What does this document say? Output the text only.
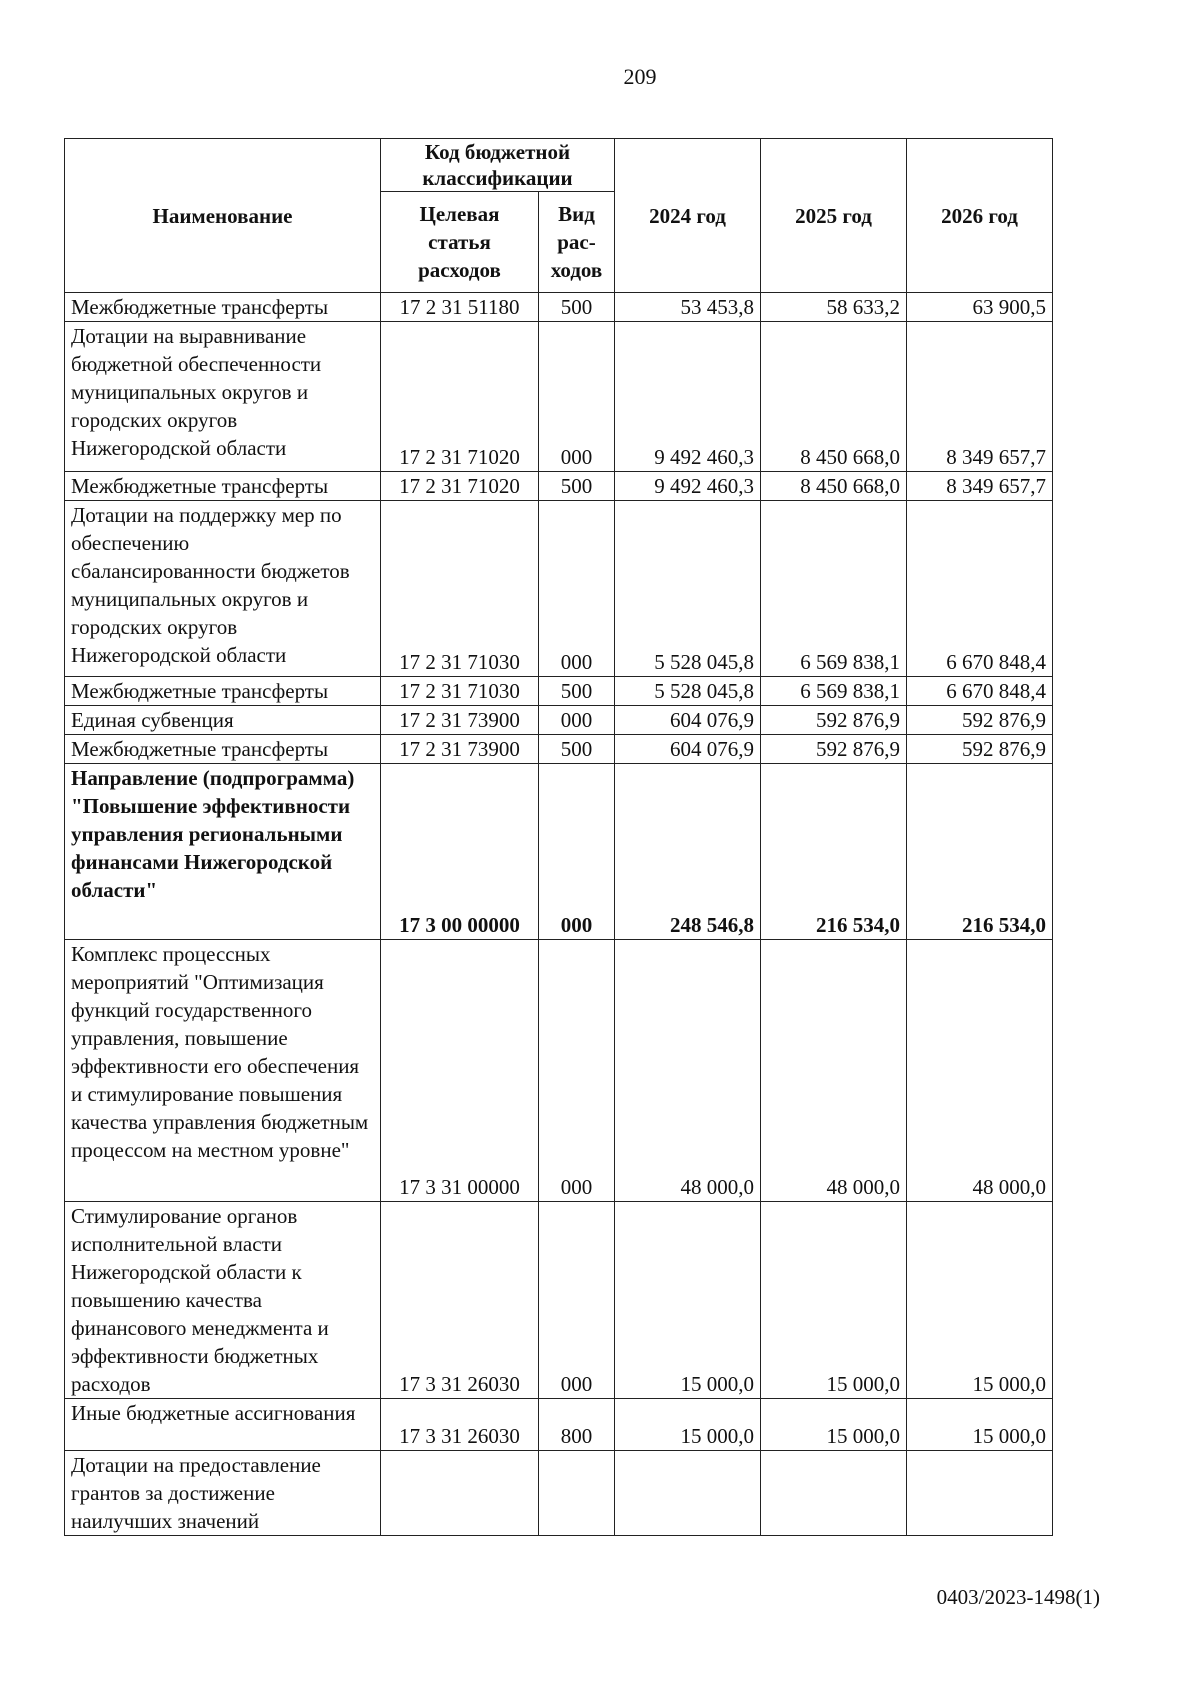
209
Наименование	Код бюджетной классификации		2024 год	2025 год	2026 год
	Целевая статья расходов	Вид рас-ходов			
Межбюджетные трансферты	17 2 31 51180	500	53 453,8	58 633,2	63 900,5
Дотации на выравнивание бюджетной обеспеченности муниципальных округов и городских округов Нижегородской области	17 2 31 71020	000	9 492 460,3	8 450 668,0	8 349 657,7
Межбюджетные трансферты	17 2 31 71020	500	9 492 460,3	8 450 668,0	8 349 657,7
Дотации на поддержку мер по обеспечению сбалансированности бюджетов муниципальных округов и городских округов Нижегородской области	17 2 31 71030	000	5 528 045,8	6 569 838,1	6 670 848,4
Межбюджетные трансферты	17 2 31 71030	500	5 528 045,8	6 569 838,1	6 670 848,4
Единая субвенция	17 2 31 73900	000	604 076,9	592 876,9	592 876,9
Межбюджетные трансферты	17 2 31 73900	500	604 076,9	592 876,9	592 876,9
Направление (подпрограмма) "Повышение эффективности управления региональными финансами Нижегородской области"	17 3 00 00000	000	248 546,8	216 534,0	216 534,0
Комплекс процессных мероприятий "Оптимизация функций государственного управления, повышение эффективности его обеспечения и стимулирование повышения качества управления бюджетным процессом на местном уровне"	17 3 31 00000	000	48 000,0	48 000,0	48 000,0
Стимулирование органов исполнительной власти Нижегородской области к повышению качества финансового менеджмента и эффективности бюджетных расходов	17 3 31 26030	000	15 000,0	15 000,0	15 000,0
Иные бюджетные ассигнования	17 3 31 26030	800	15 000,0	15 000,0	15 000,0
Дотации на предоставление грантов за достижение наилучших значений					
0403/2023-1498(1)
